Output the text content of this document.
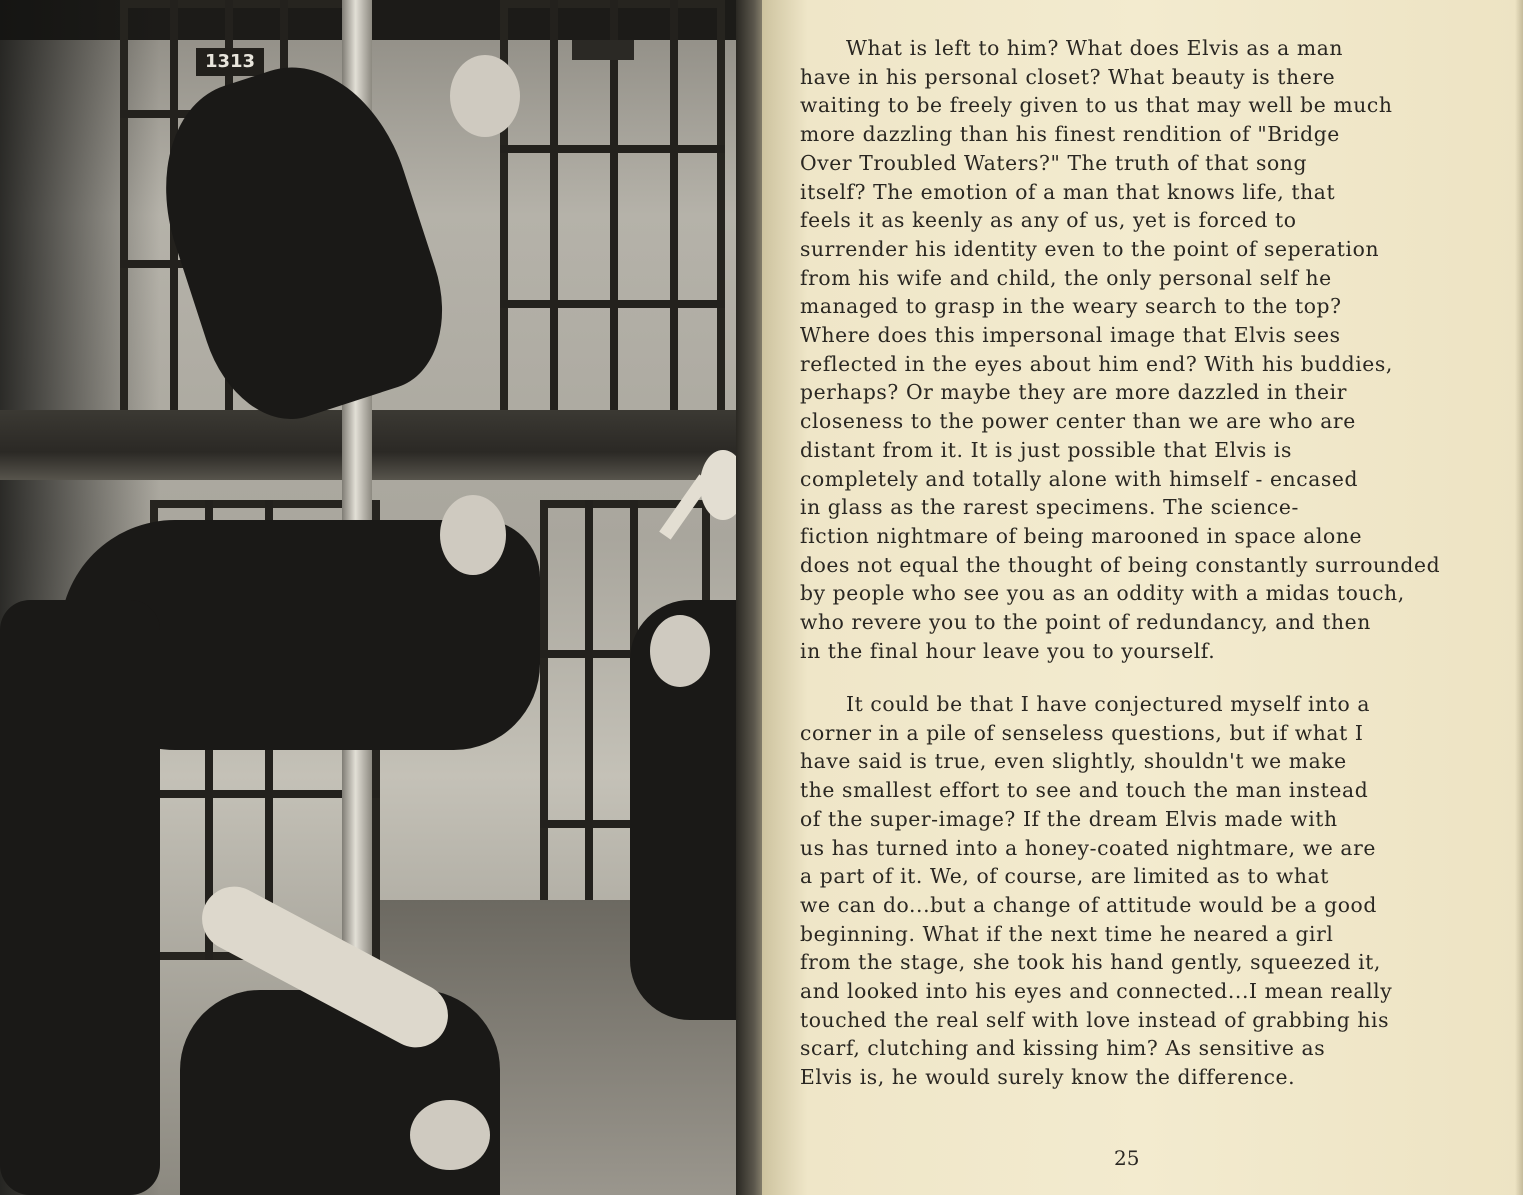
1313
What is left to him? What does Elvis as a man
have in his personal closet? What beauty is there
waiting to be freely given to us that may well be much
more dazzling than his finest rendition of "Bridge
Over Troubled Waters?" The truth of that song
itself? The emotion of a man that knows life, that
feels it as keenly as any of us, yet is forced to
surrender his identity even to the point of seperation
from his wife and child, the only personal self he
managed to grasp in the weary search to the top?
Where does this impersonal image that Elvis sees
reflected in the eyes about him end? With his buddies,
perhaps? Or maybe they are more dazzled in their
closeness to the power center than we are who are
distant from it. It is just possible that Elvis is
completely and totally alone with himself - encased
in glass as the rarest specimens. The science-
fiction nightmare of being marooned in space alone
does not equal the thought of being constantly surrounded
by people who see you as an oddity with a midas touch,
who revere you to the point of redundancy, and then
in the final hour leave you to yourself.
It could be that I have conjectured myself into a
corner in a pile of senseless questions, but if what I
have said is true, even slightly, shouldn't we make
the smallest effort to see and touch the man instead
of the super-image? If the dream Elvis made with
us has turned into a honey-coated nightmare, we are
a part of it. We, of course, are limited as to what
we can do...but a change of attitude would be a good
beginning. What if the next time he neared a girl
from the stage, she took his hand gently, squeezed it,
and looked into his eyes and connected...I mean really
touched the real self with love instead of grabbing his
scarf, clutching and kissing him? As sensitive as
Elvis is, he would surely know the difference.
25
